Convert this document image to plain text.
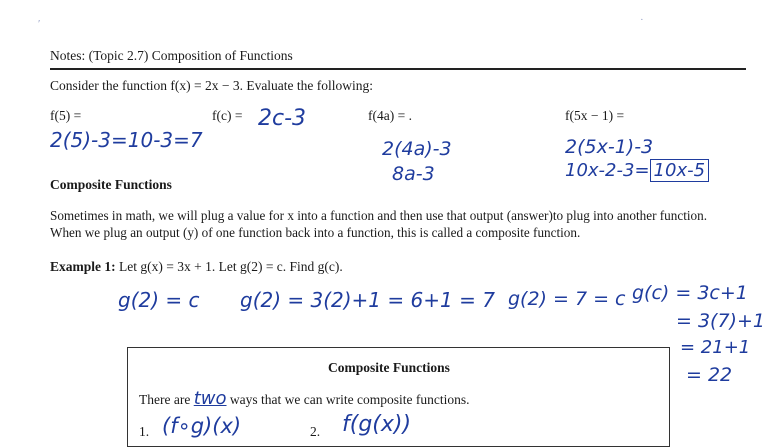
ʹ	·
Notes: (Topic 2.7) Composition of Functions
Consider the function f(x) = 2x − 3. Evaluate the following:
f(5) =	f(c) =	f(4a) = .	f(5x − 1) =
2(5)-3=10-3=7
2c-3
2(4a)-3
8a-3
2(5x-1)-3
10x-2-3= 10x-5
Composite Functions
Sometimes in math, we will plug a value for x into a function and then use that output (answer)to plug into another function. When we plug an output (y) of one function back into a function, this is called a composite function.
Example 1: Let g(x) = 3x + 1. Let g(2) = c. Find g(c).
g(2) = c g(2) = 3(2)+1 = 6+1 = 7 g(2) = 7 = c g(c) = 3c+1
= 3(7)+1
= 21+1
= 22
Composite Functions
There are two ways that we can write composite functions.
1. (f∘g)(x)	2. f(g(x))
